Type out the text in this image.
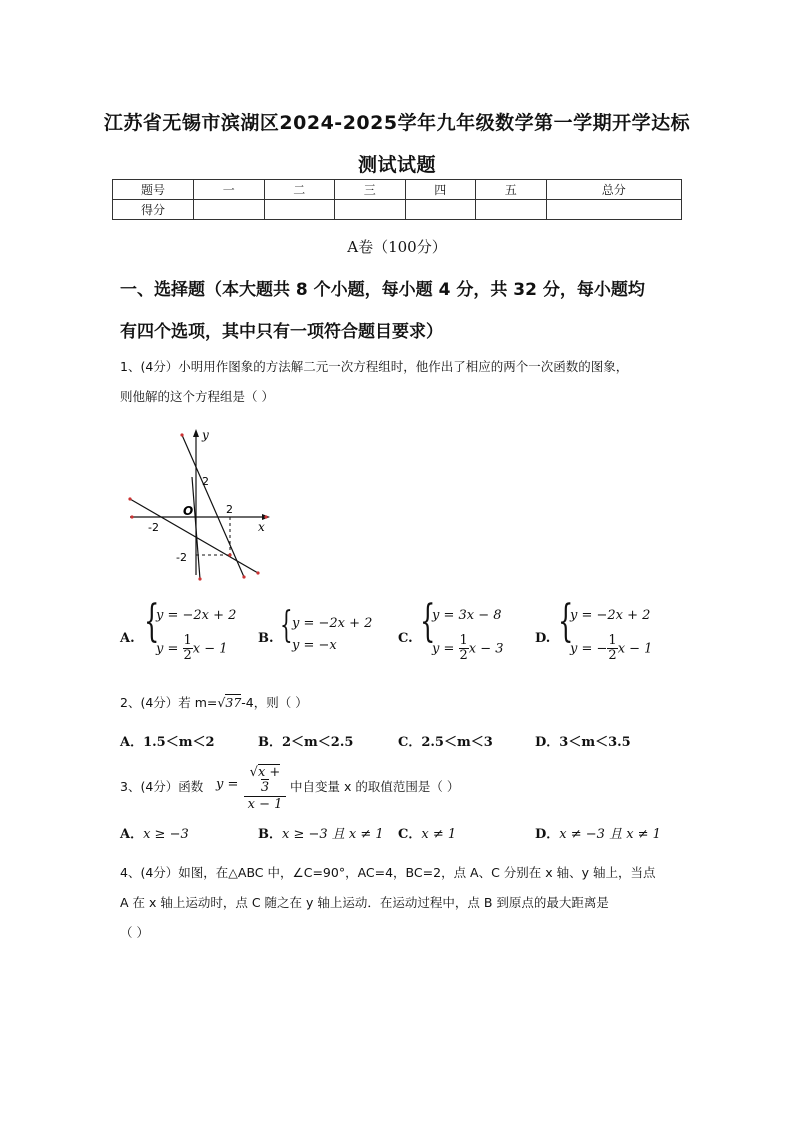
江苏省无锡市滨湖区2024-2025学年九年级数学第一学期开学达标
测试试题
题号	一	二	三	四	五	总分
得分						
A卷（100分）
一、选择题（本大题共 8 个小题，每小题 4 分，共 32 分，每小题均
有四个选项，其中只有一项符合题目要求）
1、(4分）小明用作图象的方法解二元一次方程组时，他作出了相应的两个一次函数的图象，
则他解的这个方程组是（ ）
y
x
O
2
2
-2
-2
A. {
y = −2x + 2
$y = \frac{1}{2}$ x − 1
B. { y = −2x + 2
y = −x	C. {
y = 3x − 8
$y = \frac{1}{2}$ x − 3
D. {
y = −2x + 2
y = − $\frac{1}{2}$ x − 1
2、(4分）若 m=√37-4，则（ ）
A．1.5＜m＜2	B．2＜m＜2.5	C．2.5＜m＜3	D．3＜m＜3.5
3、(4分）函数 y =
√x + 3
x − 1
中自变量 x 的取值范围是（ ）
A．x ≥ −3	B．x ≥ −3 且 x ≠ 1 C．x ≠ 1	D．x ≠ −3 且 x ≠ 1
4、(4分）如图，在△ABC 中，∠C=90°，AC=4，BC=2，点 A、C 分别在 x 轴、y 轴上，当点
A 在 x 轴上运动时，点 C 随之在 y 轴上运动．在运动过程中，点 B 到原点的最大距离是
（ ）
